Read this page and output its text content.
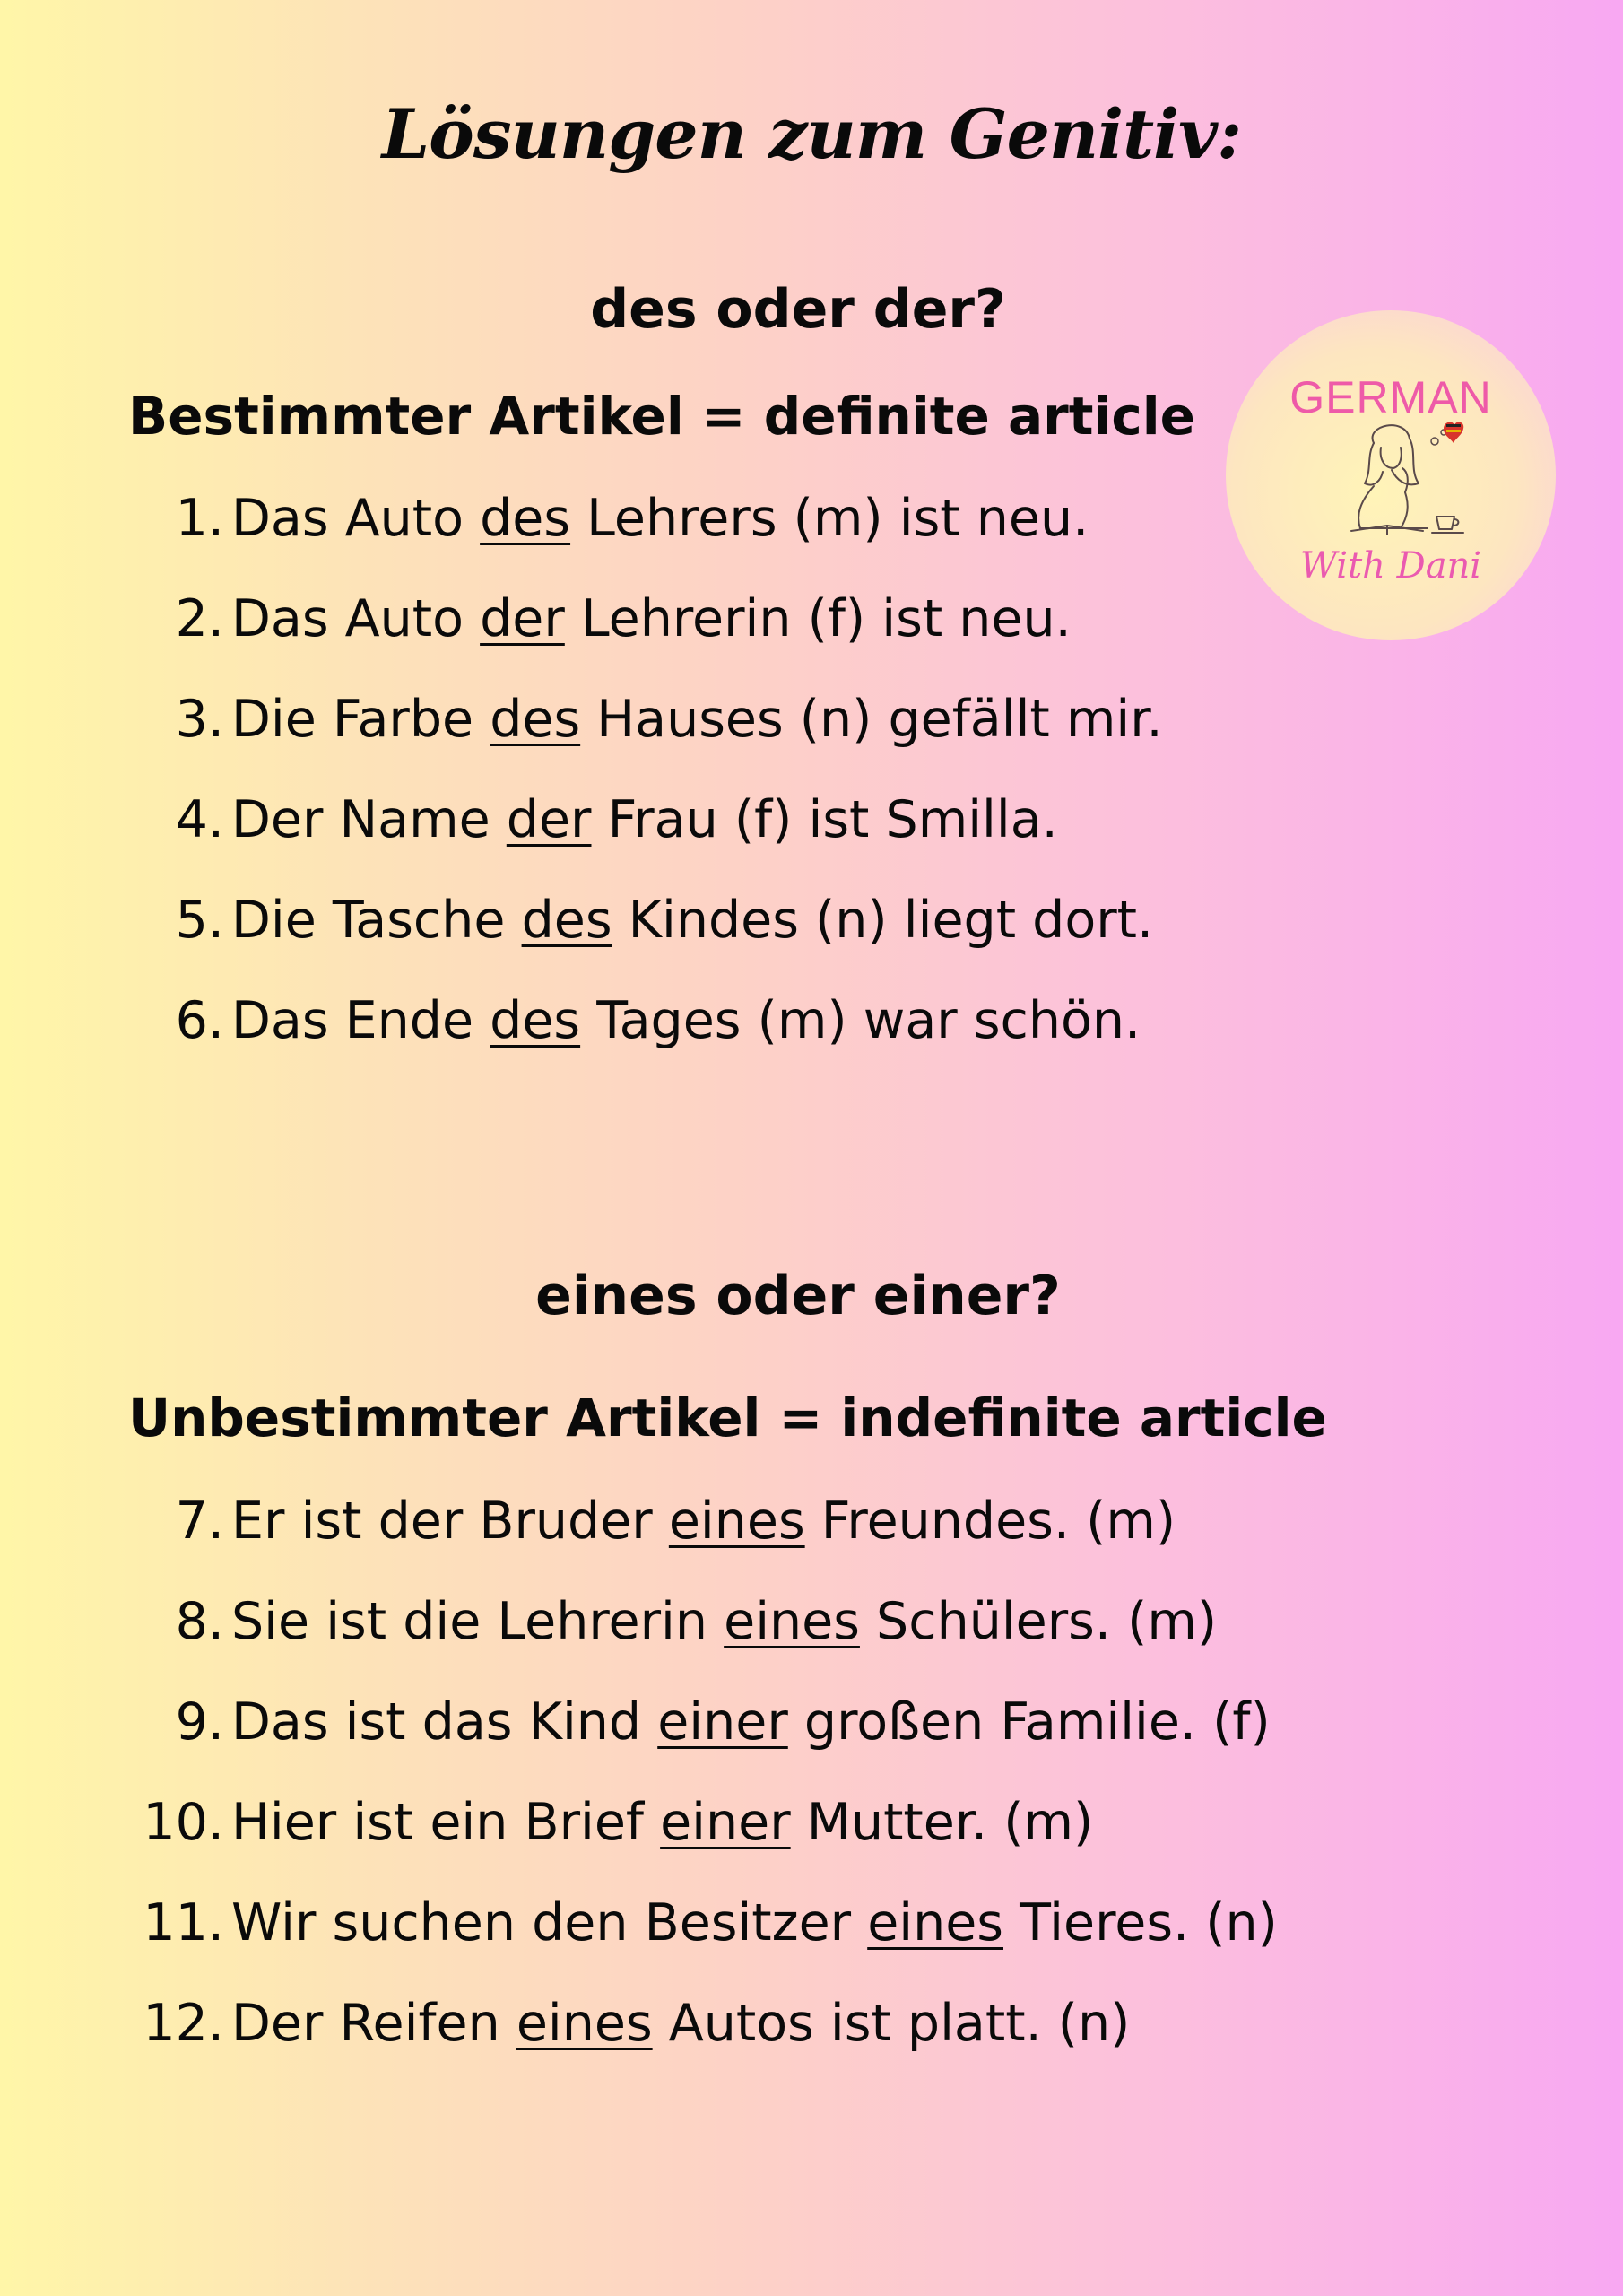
Lösungen zum Genitiv:
des oder der?
Bestimmter Artikel = definite article
1. Das Auto des Lehrers (m) ist neu.
2. Das Auto der Lehrerin (f) ist neu.
3. Die Farbe des Hauses (n) gefällt mir.
4. Der Name der Frau (f) ist Smilla.
5. Die Tasche des Kindes (n) liegt dort.
6. Das Ende des Tages (m) war schön.
eines oder einer?
Unbestimmter Artikel = indefinite article
7. Er ist der Bruder eines Freundes. (m)
8. Sie ist die Lehrerin eines Schülers. (m)
9. Das ist das Kind einer großen Familie. (f)
10. Hier ist ein Brief einer Mutter. (m)
11. Wir suchen den Besitzer eines Tieres. (n)
12. Der Reifen eines Autos ist platt. (n)
GERMAN
With Dani
